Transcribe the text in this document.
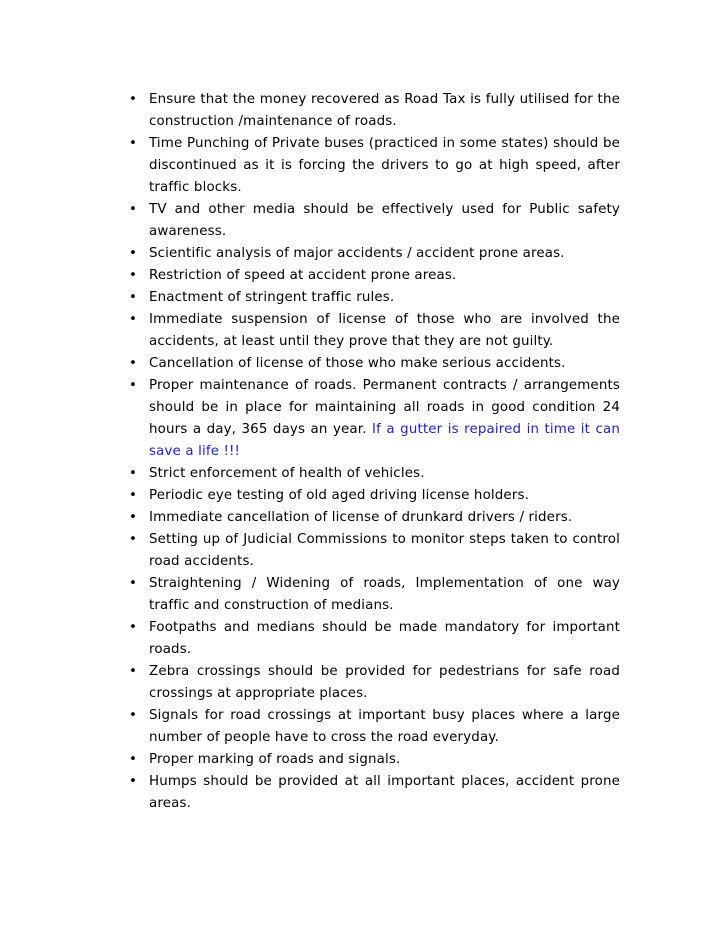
• Ensure that the money recovered as Road Tax is fully utilised for the construction /maintenance of roads.
• Time Punching of Private buses (practiced in some states) should be discontinued as it is forcing the drivers to go at high speed, after traffic blocks.
• TV and other media should be effectively used for Public safety awareness.
• Scientific analysis of major accidents / accident prone areas.
• Restriction of speed at accident prone areas.
• Enactment of stringent traffic rules.
• Immediate suspension of license of those who are involved the accidents, at least until they prove that they are not guilty.
• Cancellation of license of those who make serious accidents.
• Proper maintenance of roads. Permanent contracts / arrangements should be in place for maintaining all roads in good condition 24 hours a day, 365 days an year. If a gutter is repaired in time it can save a life !!!
• Strict enforcement of health of vehicles.
• Periodic eye testing of old aged driving license holders.
• Immediate cancellation of license of drunkard drivers / riders.
• Setting up of Judicial Commissions to monitor steps taken to control road accidents.
• Straightening / Widening of roads, Implementation of one way traffic and construction of medians.
• Footpaths and medians should be made mandatory for important roads.
• Zebra crossings should be provided for pedestrians for safe road crossings at appropriate places.
• Signals for road crossings at important busy places where a large number of people have to cross the road everyday.
• Proper marking of roads and signals.
• Humps should be provided at all important places, accident prone areas.
